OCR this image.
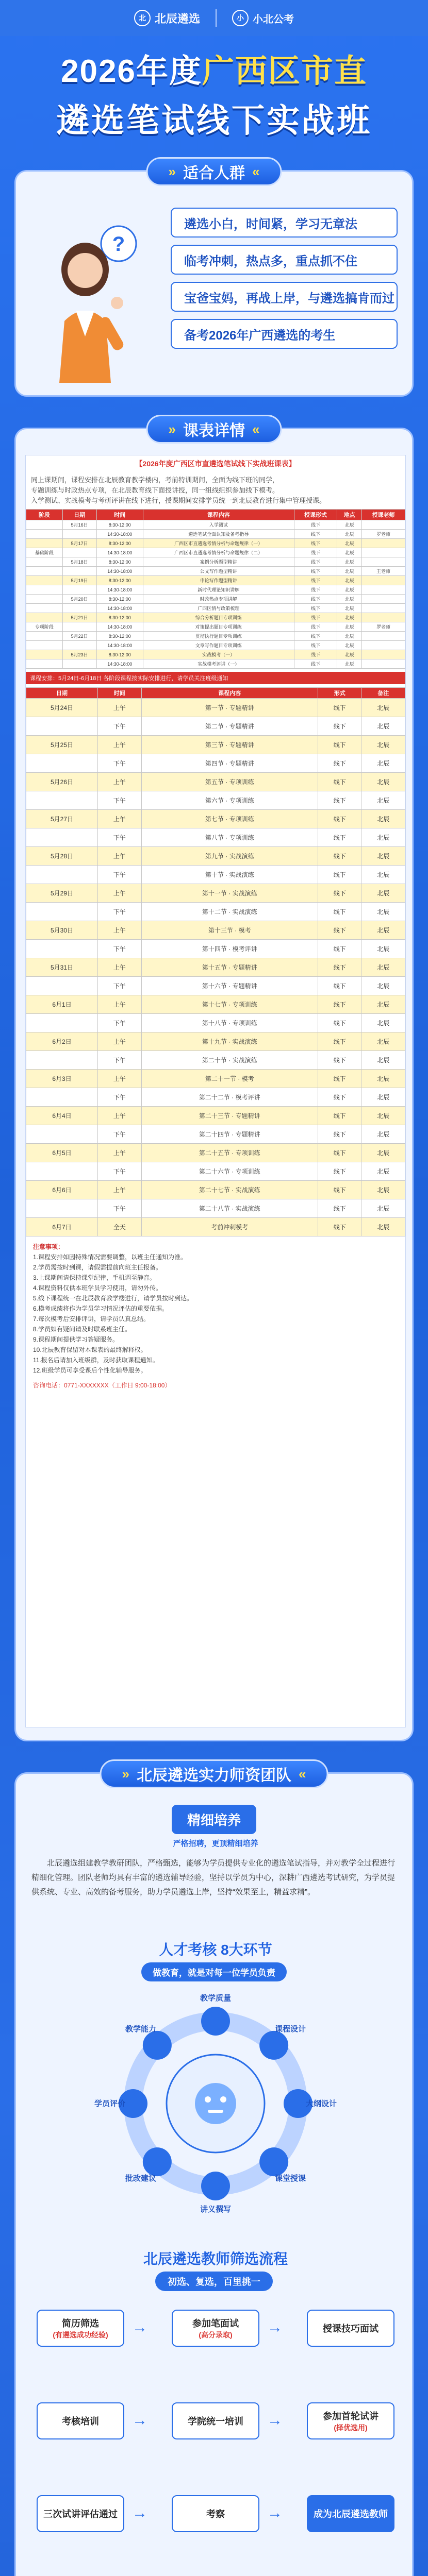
北 北辰遴选	小 小北公考
2026年度广西区市直
遴选笔试线下实战班
» 适合人群 «
?
遴选小白，时间紧，学习无章法
临考冲刺，热点多，重点抓不住
宝爸宝妈，再战上岸，与遴选搞肯而过
备考2026年广西遴选的考生
» 课表详情 «
【2026年度广西区市直遴选笔试线下实战班课表】
同上课期间，课程安排在北辰教育教学楼内，考前特训期间，全面为线下班的同学，
专题训练与时政热点专项，在北辰教育线下面授讲授，同一组线组织参加线下模考。
入学测试、实战模考与考研评讲在线下进行，授课期间安排学员统一到北辰教育进行集中管理授课。
阶段	日期	时间	课程内容	授课形式	地点	授课老师
	5月16日	8:30-12:00	入学测试	线下	北辰	
		14:30-18:00	遴选笔试全面认知及备考指导	线下	北辰	罗老师
	5月17日	8:30-12:00	广西区市直遴选考情分析与命题规律（一）	线下	北辰	
基础阶段		14:30-18:00	广西区市直遴选考情分析与命题规律（二）	线下	北辰	
	5月18日	8:30-12:00	案例分析题型精讲	线下	北辰	
		14:30-18:00	公文写作题型精讲	线下	北辰	王老师
	5月19日	8:30-12:00	申论写作题型精讲	线下	北辰	
		14:30-18:00	新时代理论知识讲解	线下	北辰	
	5月20日	8:30-12:00	时政热点专项讲解	线下	北辰	
		14:30-18:00	广西区情与政策梳理	线下	北辰	
	5月21日	8:30-12:00	综合分析题目专项训练	线下	北辰	
专项阶段		14:30-18:00	对策提出题目专项训练	线下	北辰	罗老师
	5月22日	8:30-12:00	贯彻执行题目专项训练	线下	北辰	
		14:30-18:00	文章写作题目专项训练	线下	北辰	
	5月23日	8:30-12:00	实战模考（一）	线下	北辰	
		14:30-18:00	实战模考评讲（一）	线下	北辰	
课程安排：5月24日-6月18日 各阶段课程按实际安排进行，请学员关注班级通知
日期	时间	课程内容	形式	备注
5月24日	上午	第一节 · 专题精讲	线下	北辰
	下午	第二节 · 专题精讲	线下	北辰
5月25日	上午	第三节 · 专题精讲	线下	北辰
	下午	第四节 · 专题精讲	线下	北辰
5月26日	上午	第五节 · 专项训练	线下	北辰
	下午	第六节 · 专项训练	线下	北辰
5月27日	上午	第七节 · 专项训练	线下	北辰
	下午	第八节 · 专项训练	线下	北辰
5月28日	上午	第九节 · 实战演练	线下	北辰
	下午	第十节 · 实战演练	线下	北辰
5月29日	上午	第十一节 · 实战演练	线下	北辰
	下午	第十二节 · 实战演练	线下	北辰
5月30日	上午	第十三节 · 模考	线下	北辰
	下午	第十四节 · 模考评讲	线下	北辰
5月31日	上午	第十五节 · 专题精讲	线下	北辰
	下午	第十六节 · 专题精讲	线下	北辰
6月1日	上午	第十七节 · 专项训练	线下	北辰
	下午	第十八节 · 专项训练	线下	北辰
6月2日	上午	第十九节 · 实战演练	线下	北辰
	下午	第二十节 · 实战演练	线下	北辰
6月3日	上午	第二十一节 · 模考	线下	北辰
	下午	第二十二节 · 模考评讲	线下	北辰
6月4日	上午	第二十三节 · 专题精讲	线下	北辰
	下午	第二十四节 · 专题精讲	线下	北辰
6月5日	上午	第二十五节 · 专项训练	线下	北辰
	下午	第二十六节 · 专项训练	线下	北辰
6月6日	上午	第二十七节 · 实战演练	线下	北辰
	下午	第二十八节 · 实战演练	线下	北辰
6月7日	全天	考前冲刺模考	线下	北辰
注意事项：
1.课程安排如因特殊情况需要调整，以班主任通知为准。
2.学员需按时到课，请假需提前向班主任报备。
3.上课期间请保持课堂纪律，手机调至静音。
4.课程资料仅供本班学员学习使用，请勿外传。
5.线下课程统一在北辰教育教学楼进行，请学员按时到达。
6.模考成绩将作为学员学习情况评估的重要依据。
7.每次模考后安排评讲，请学员认真总结。
8.学员如有疑问请及时联系班主任。
9.课程期间提供学习答疑服务。
10.北辰教育保留对本课表的最终解释权。
11.报名后请加入班级群，及时获取课程通知。
12.班级学员可享受课后个性化辅导服务。
咨询电话：0771-XXXXXXX（工作日 9:00-18:00）
» 北辰遴选实力师资团队 «
精细培养
严格招聘，更顶精细培养
北辰遴选组建教学教研团队，严格甄选，能够为学员提供专业化的遴选笔试指导，并对教学全过程进行精细化管理。团队老师均具有丰富的遴选辅导经验，坚持以学员为中心，深耕广西遴选考试研究，为学员提供系统、专业、高效的备考服务，助力学员遴选上岸，坚持“效果至上，精益求精”。
人才考核 8大环节
做教育，就是对每一位学员负责
教学质量
课程设计
大纲设计
课堂授课
讲义撰写
批改建议
学员评价
教学能力
北辰遴选教师筛选流程
初选、复选，百里挑一
简历筛选
(有遴选成功经验) →	参加笔面试
(高分录取) →	授课技巧面试
考核培训 →	学院统一培训 →	参加首轮试讲
(择优选用)
三次试讲评估通过 →	考察	→	成为北辰遴选教师
